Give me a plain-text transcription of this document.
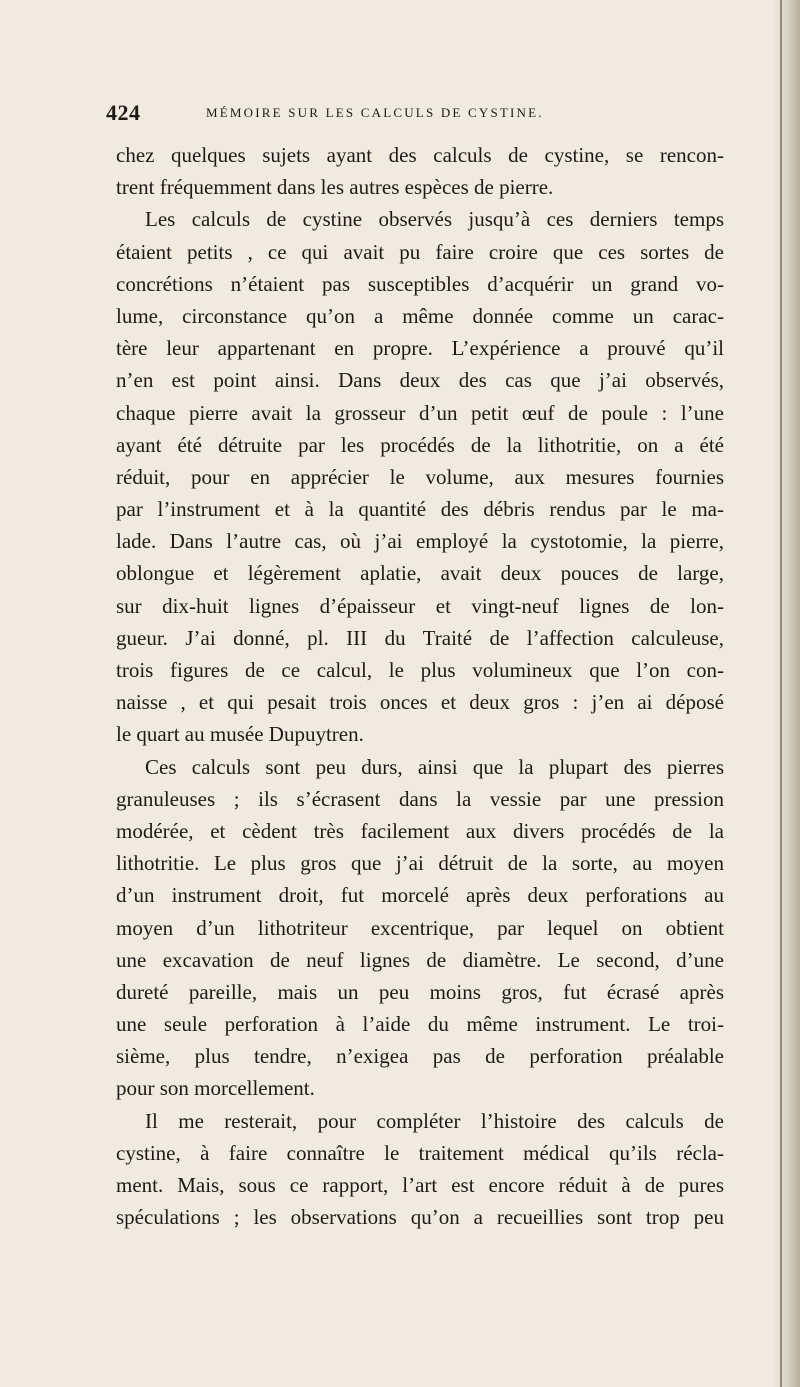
424	MÉMOIRE SUR LES CALCULS DE CYSTINE.
chez quelques sujets ayant des calculs de cystine, se rencon-
trent fréquemment dans les autres espèces de pierre.
Les calculs de cystine observés jusqu’à ces derniers temps
étaient petits , ce qui avait pu faire croire que ces sortes de
concrétions n’étaient pas susceptibles d’acquérir un grand vo-
lume, circonstance qu’on a même donnée comme un carac-
tère leur appartenant en propre. L’expérience a prouvé qu’il
n’en est point ainsi. Dans deux des cas que j’ai observés,
chaque pierre avait la grosseur d’un petit œuf de poule : l’une
ayant été détruite par les procédés de la lithotritie, on a été
réduit, pour en apprécier le volume, aux mesures fournies
par l’instrument et à la quantité des débris rendus par le ma-
lade. Dans l’autre cas, où j’ai employé la cystotomie, la pierre,
oblongue et légèrement aplatie, avait deux pouces de large,
sur dix-huit lignes d’épaisseur et vingt-neuf lignes de lon-
gueur. J’ai donné, pl. III du Traité de l’affection calculeuse,
trois figures de ce calcul, le plus volumineux que l’on con-
naisse , et qui pesait trois onces et deux gros : j’en ai déposé
le quart au musée Dupuytren.
Ces calculs sont peu durs, ainsi que la plupart des pierres
granuleuses ; ils s’écrasent dans la vessie par une pression
modérée, et cèdent très facilement aux divers procédés de la
lithotritie. Le plus gros que j’ai détruit de la sorte, au moyen
d’un instrument droit, fut morcelé après deux perforations au
moyen d’un lithotriteur excentrique, par lequel on obtient
une excavation de neuf lignes de diamètre. Le second, d’une
dureté pareille, mais un peu moins gros, fut écrasé après
une seule perforation à l’aide du même instrument. Le troi-
sième, plus tendre, n’exigea pas de perforation préalable
pour son morcellement.
Il me resterait, pour compléter l’histoire des calculs de
cystine, à faire connaître le traitement médical qu’ils récla-
ment. Mais, sous ce rapport, l’art est encore réduit à de pures
spéculations ; les observations qu’on a recueillies sont trop peu
